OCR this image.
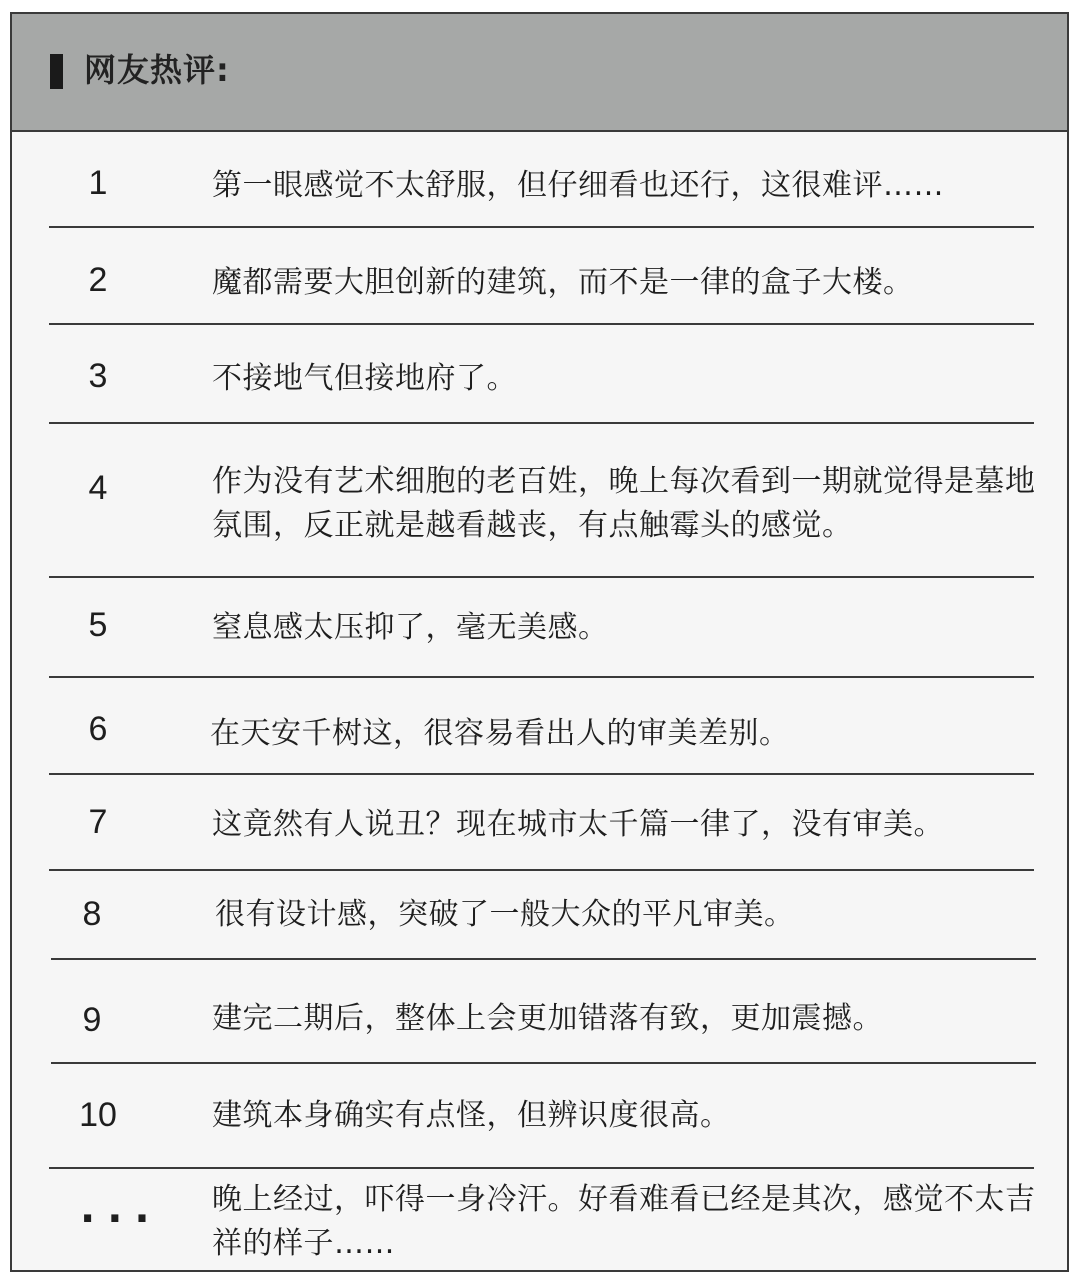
网友热评:
1	第一眼感觉不太舒服，但仔细看也还行，这很难评……
2	魔都需要大胆创新的建筑，而不是一律的盒子大楼。
3	不接地气但接地府了。
4	作为没有艺术细胞的老百姓，晚上每次看到一期就觉得是墓地氛围，反正就是越看越丧，有点触霉头的感觉。
5	窒息感太压抑了，毫无美感。
6	在天安千树这，很容易看出人的审美差别。
7	这竟然有人说丑？现在城市太千篇一律了，没有审美。
8	很有设计感，突破了一般大众的平凡审美。
9	建完二期后，整体上会更加错落有致，更加震撼。
10	建筑本身确实有点怪，但辨识度很高。
··· 晚上经过，吓得一身冷汗。好看难看已经是其次，感觉不太吉祥的样子……
